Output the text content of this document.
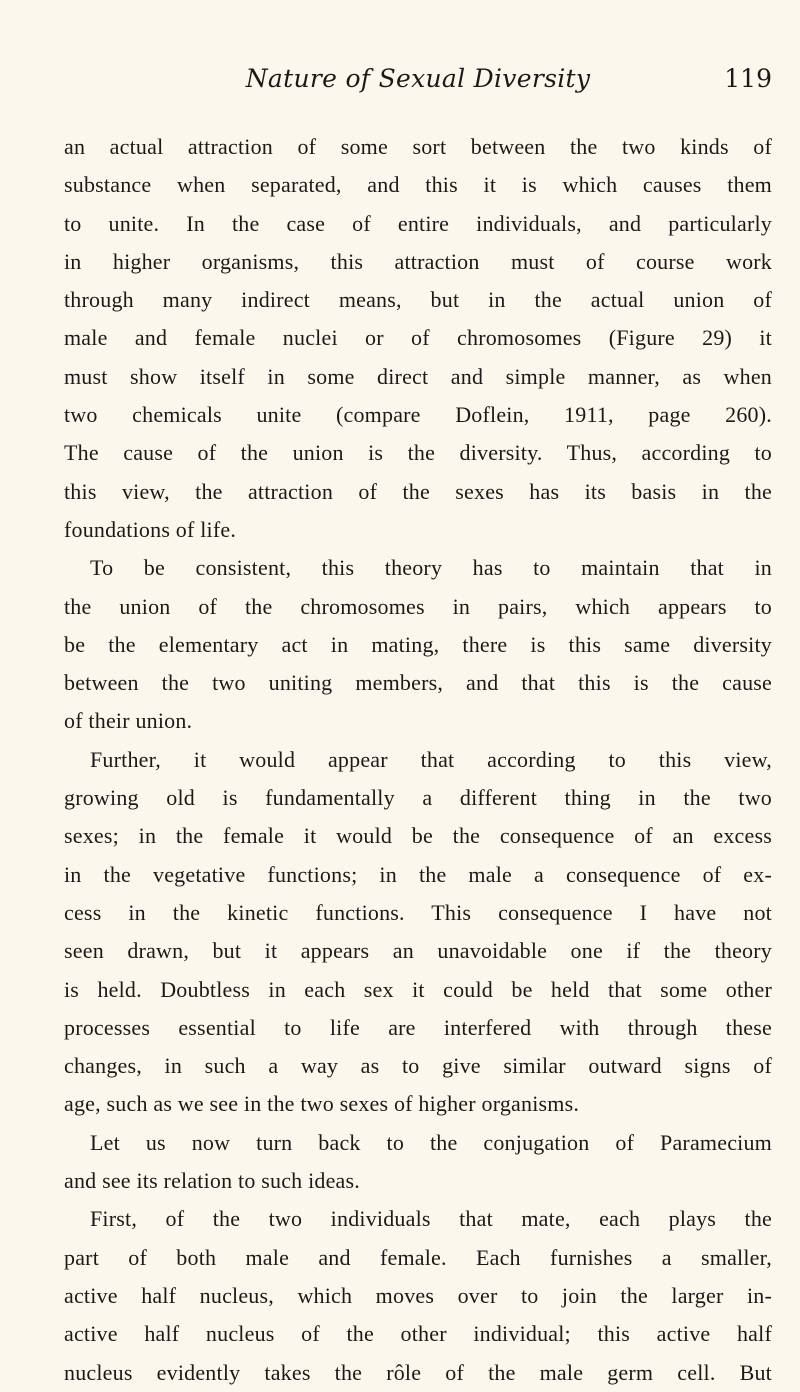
Nature of Sexual Diversity	119
an actual attraction of some sort between the two kinds of
substance when separated, and this it is which causes them
to unite. In the case of entire individuals, and particularly
in higher organisms, this attraction must of course work
through many indirect means, but in the actual union of
male and female nuclei or of chromosomes (Figure 29) it
must show itself in some direct and simple manner, as when
two chemicals unite (compare Doflein, 1911, page 260).
The cause of the union is the diversity. Thus, according to
this view, the attraction of the sexes has its basis in the
foundations of life.
To be consistent, this theory has to maintain that in
the union of the chromosomes in pairs, which appears to
be the elementary act in mating, there is this same diversity
between the two uniting members, and that this is the cause
of their union.
Further, it would appear that according to this view,
growing old is fundamentally a different thing in the two
sexes; in the female it would be the consequence of an excess
in the vegetative functions; in the male a consequence of ex-
cess in the kinetic functions. This consequence I have not
seen drawn, but it appears an unavoidable one if the theory
is held. Doubtless in each sex it could be held that some other
processes essential to life are interfered with through these
changes, in such a way as to give similar outward signs of
age, such as we see in the two sexes of higher organisms.
Let us now turn back to the conjugation of Paramecium
and see its relation to such ideas.
First, of the two individuals that mate, each plays the
part of both male and female. Each furnishes a smaller,
active half nucleus, which moves over to join the larger in-
active half nucleus of the other individual; this active half
nucleus evidently takes the rôle of the male germ cell. But
